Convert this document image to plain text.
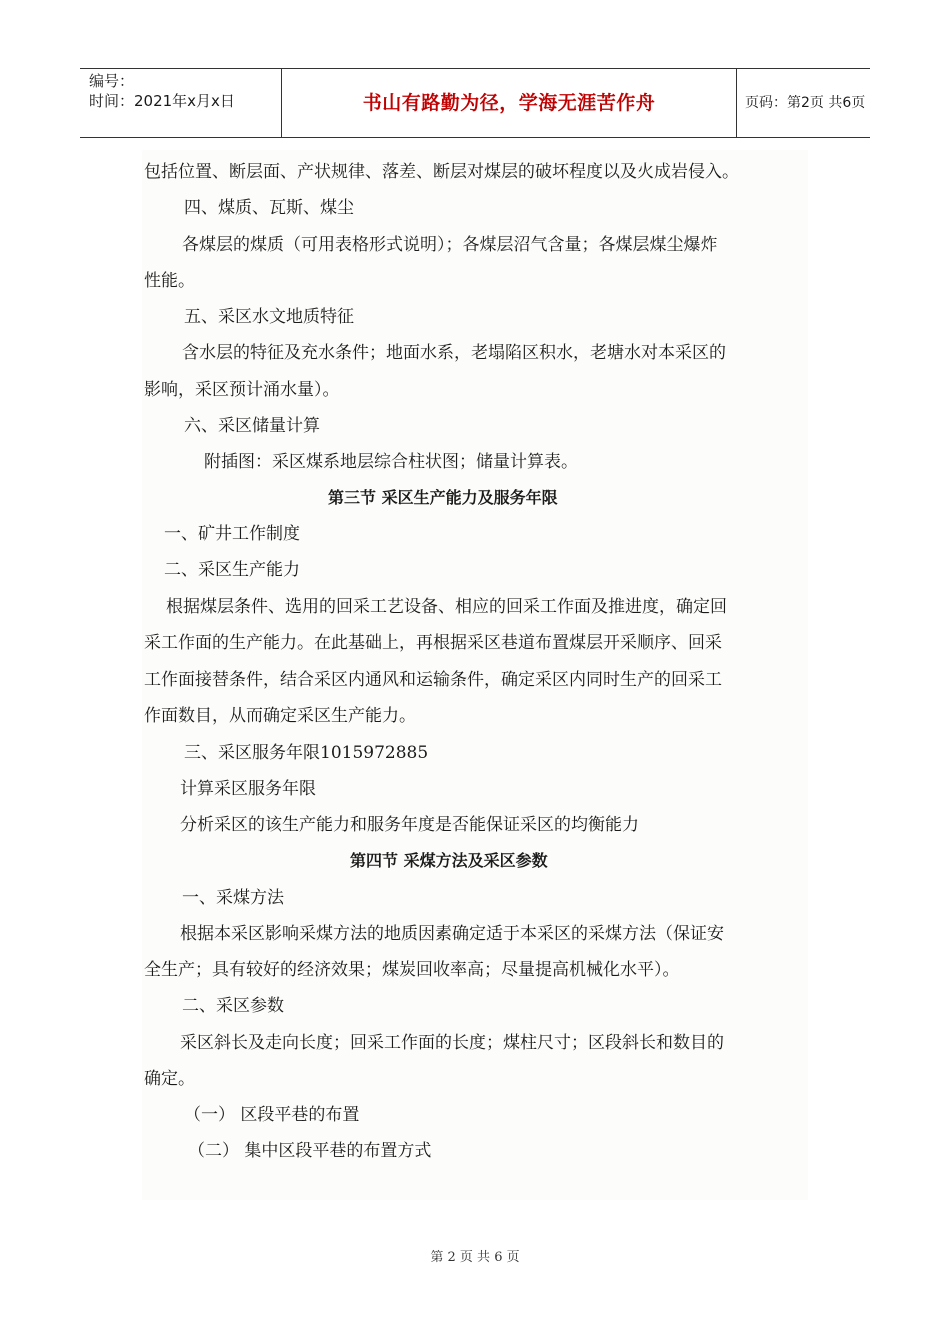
编号：
时间：2021年x月x日	书山有路勤为径，学海无涯苦作舟	页码：第2页 共6页
包括位置、断层面、产状规律、落差、断层对煤层的破坏程度以及火成岩侵入。
四、煤质、瓦斯、煤尘
各煤层的煤质（可用表格形式说明）；各煤层沼气含量；各煤层煤尘爆炸
性能。
五、采区水文地质特征
含水层的特征及充水条件；地面水系，老塌陷区积水，老塘水对本采区的
影响，采区预计涌水量）。
六、采区储量计算
附插图：采区煤系地层综合柱状图；储量计算表。
第三节 采区生产能力及服务年限
一、矿井工作制度
二、采区生产能力
根据煤层条件、选用的回采工艺设备、相应的回采工作面及推进度，确定回
采工作面的生产能力。在此基础上，再根据采区巷道布置煤层开采顺序、回采
工作面接替条件，结合采区内通风和运输条件，确定采区内同时生产的回采工
作面数目，从而确定采区生产能力。
三、采区服务年限1015972885
计算采区服务年限
分析采区的该生产能力和服务年度是否能保证采区的均衡能力
第四节 采煤方法及采区参数
一、采煤方法
根据本采区影响采煤方法的地质因素确定适于本采区的采煤方法（保证安
全生产；具有较好的经济效果；煤炭回收率高；尽量提高机械化水平）。
二、采区参数
采区斜长及走向长度；回采工作面的长度；煤柱尺寸；区段斜长和数目的
确定。
（一） 区段平巷的布置
（二） 集中区段平巷的布置方式
第 2 页 共 6 页
